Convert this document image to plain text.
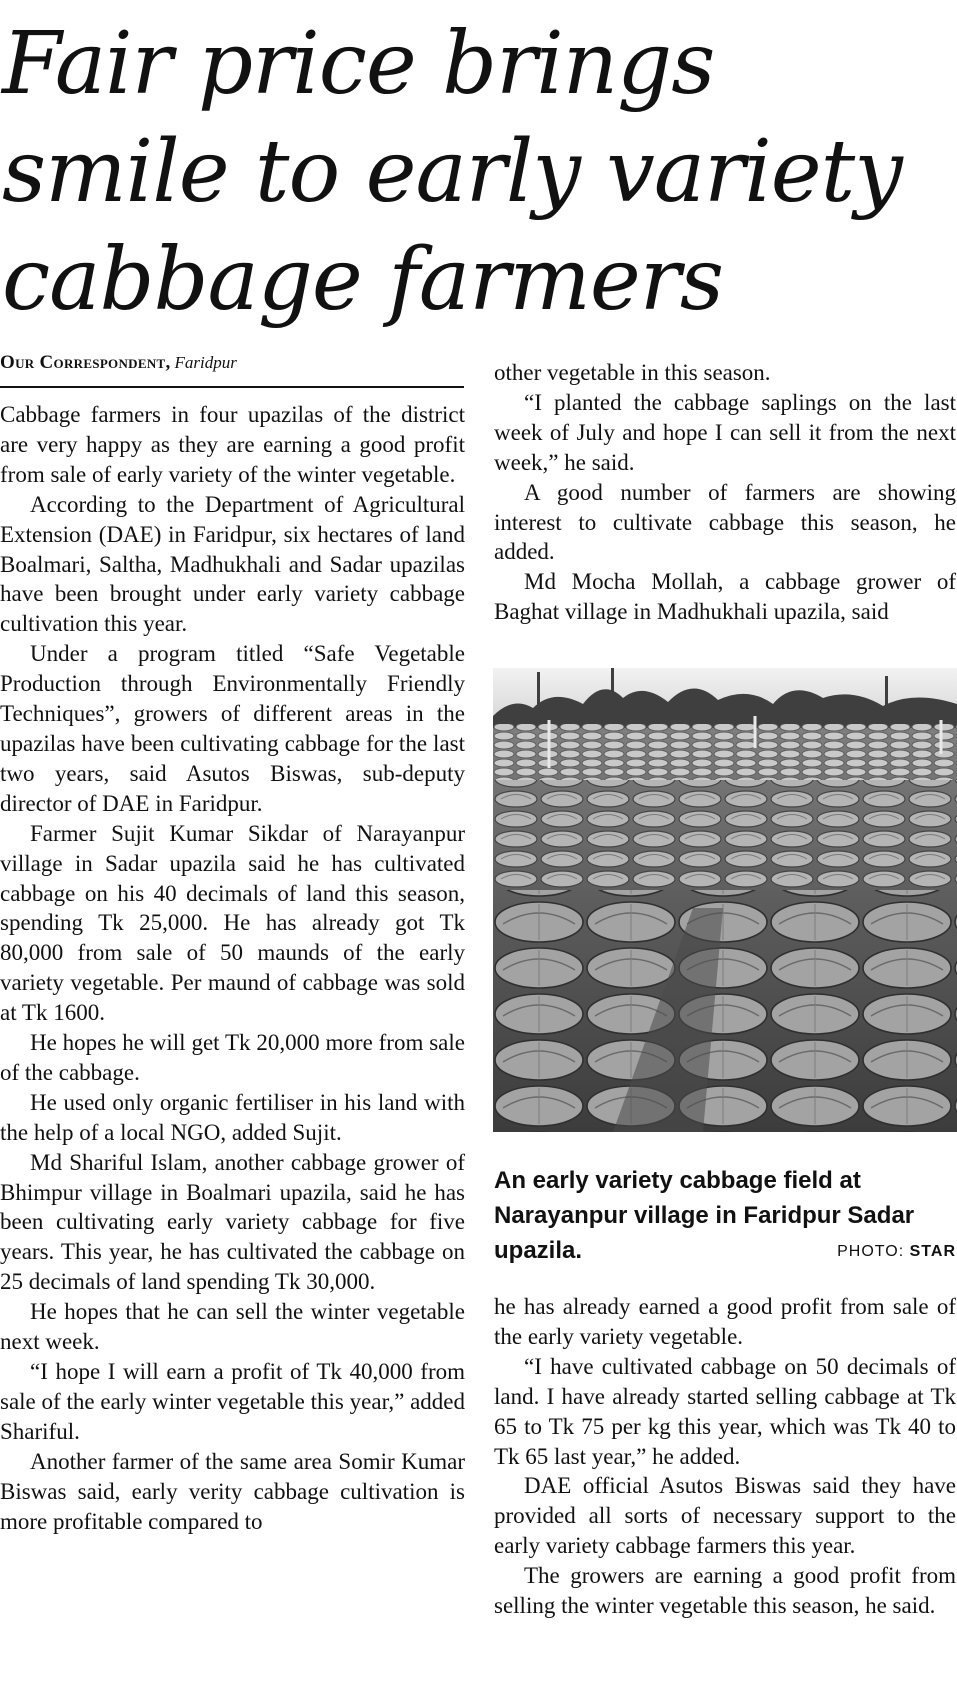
Fair price brings smile to early variety cabbage farmers
Our Correspondent, Faridpur

Cabbage farmers in four upazilas of the district are very happy as they are earning a good profit from sale of early variety of the winter vegetable.

According to the Department of Agricultural Extension (DAE) in Faridpur, six hectares of land Boalmari, Saltha, Madhukhali and Sadar upazilas have been brought under early variety cabbage cultivation this year.

Under a program titled “Safe Vegetable Production through Environmentally Friendly Techniques”, growers of different areas in the upazilas have been cultivating cabbage for the last two years, said Asutos Biswas, sub-deputy director of DAE in Faridpur.

Farmer Sujit Kumar Sikdar of Narayanpur village in Sadar upazila said he has cultivated cabbage on his 40 decimals of land this season, spending Tk 25,000. He has already got Tk 80,000 from sale of 50 maunds of the early variety vegetable. Per maund of cabbage was sold at Tk 1600.

He hopes he will get Tk 20,000 more from sale of the cabbage.

He used only organic fertiliser in his land with the help of a local NGO, added Sujit.

Md Shariful Islam, another cabbage grower of Bhimpur village in Boalmari upazila, said he has been cultivating early variety cabbage for five years. This year, he has cultivated the cabbage on 25 decimals of land spending Tk 30,000.

He hopes that he can sell the winter vegetable next week.

“I hope I will earn a profit of Tk 40,000 from sale of the early winter vegetable this year,” added Shariful.

Another farmer of the same area Somir Kumar Biswas said, early verity cabbage cultivation is more profitable compared to

other vegetable in this season.

“I planted the cabbage saplings on the last week of July and hope I can sell it from the next week,” he said.

A good number of farmers are showing interest to cultivate cabbage this season, he added.

Md Mocha Mollah, a cabbage grower of Baghat village in Madhukhali upazila, said

An early variety cabbage field at Narayanpur village in Faridpur Sadar upazila.	PHOTO: STAR

he has already earned a good profit from sale of the early variety vegetable.

“I have cultivated cabbage on 50 decimals of land. I have already started selling cabbage at Tk 65 to Tk 75 per kg this year, which was Tk 40 to Tk 65 last year,” he added.

DAE official Asutos Biswas said they have provided all sorts of necessary support to the early variety cabbage farmers this year.

The growers are earning a good profit from selling the winter vegetable this season, he said.
